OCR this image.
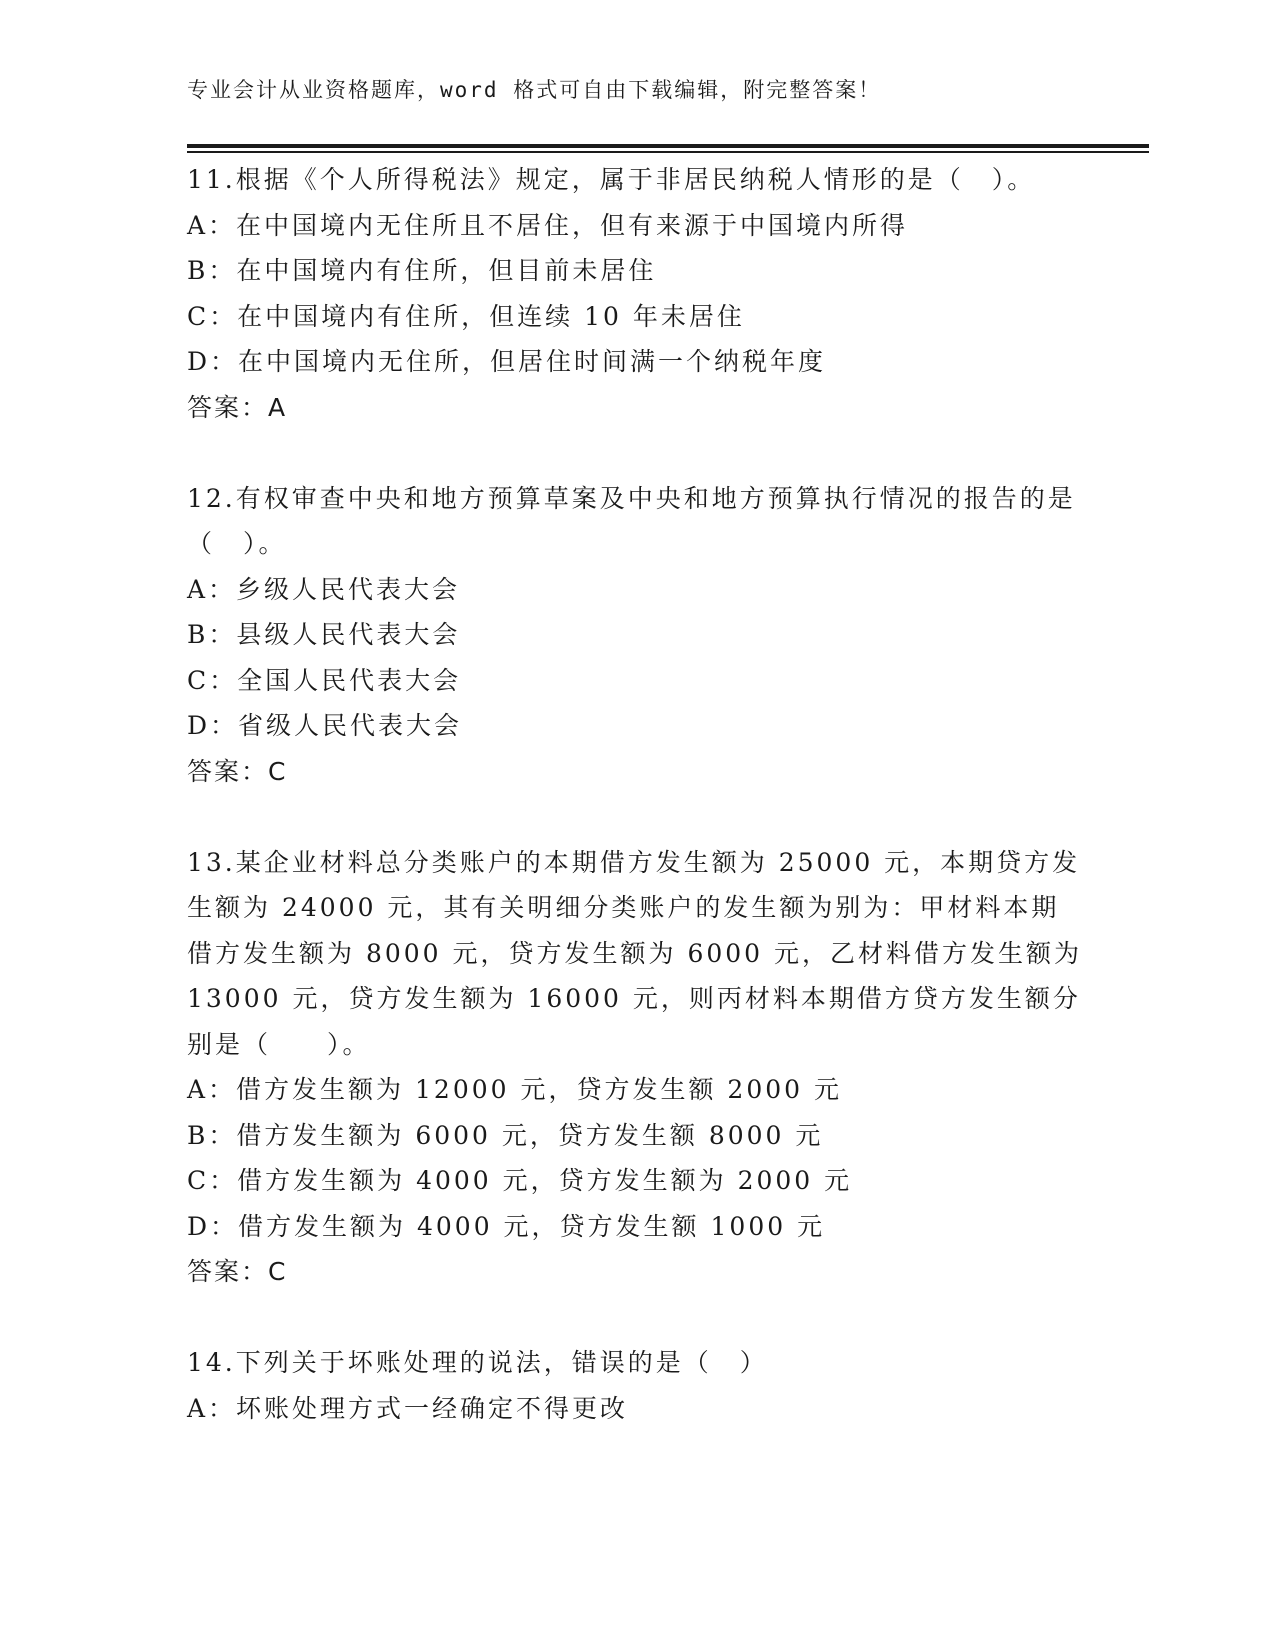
专业会计从业资格题库，word 格式可自由下载编辑，附完整答案！

11.根据《个人所得税法》规定，属于非居民纳税人情形的是（　）。

A：在中国境内无住所且不居住，但有来源于中国境内所得

B：在中国境内有住所，但目前未居住

C：在中国境内有住所，但连续 10 年未居住

D：在中国境内无住所，但居住时间满一个纳税年度

答案：A

12.有权审查中央和地方预算草案及中央和地方预算执行情况的报告的是（　）。

A：乡级人民代表大会

B：县级人民代表大会

C：全国人民代表大会

D：省级人民代表大会

答案：C

13.某企业材料总分类账户的本期借方发生额为 25000 元，本期贷方发生额为 24000 元，其有关明细分类账户的发生额为别为：甲材料本期借方发生额为 8000 元，贷方发生额为 6000 元，乙材料借方发生额为 13000 元，贷方发生额为 16000 元，则丙材料本期借方贷方发生额分别是（　　）。

A：借方发生额为 12000 元，贷方发生额 2000 元

B：借方发生额为 6000 元，贷方发生额 8000 元

C：借方发生额为 4000 元，贷方发生额为 2000 元

D：借方发生额为 4000 元，贷方发生额 1000 元

答案：C

14.下列关于坏账处理的说法，错误的是（　）

A：坏账处理方式一经确定不得更改
